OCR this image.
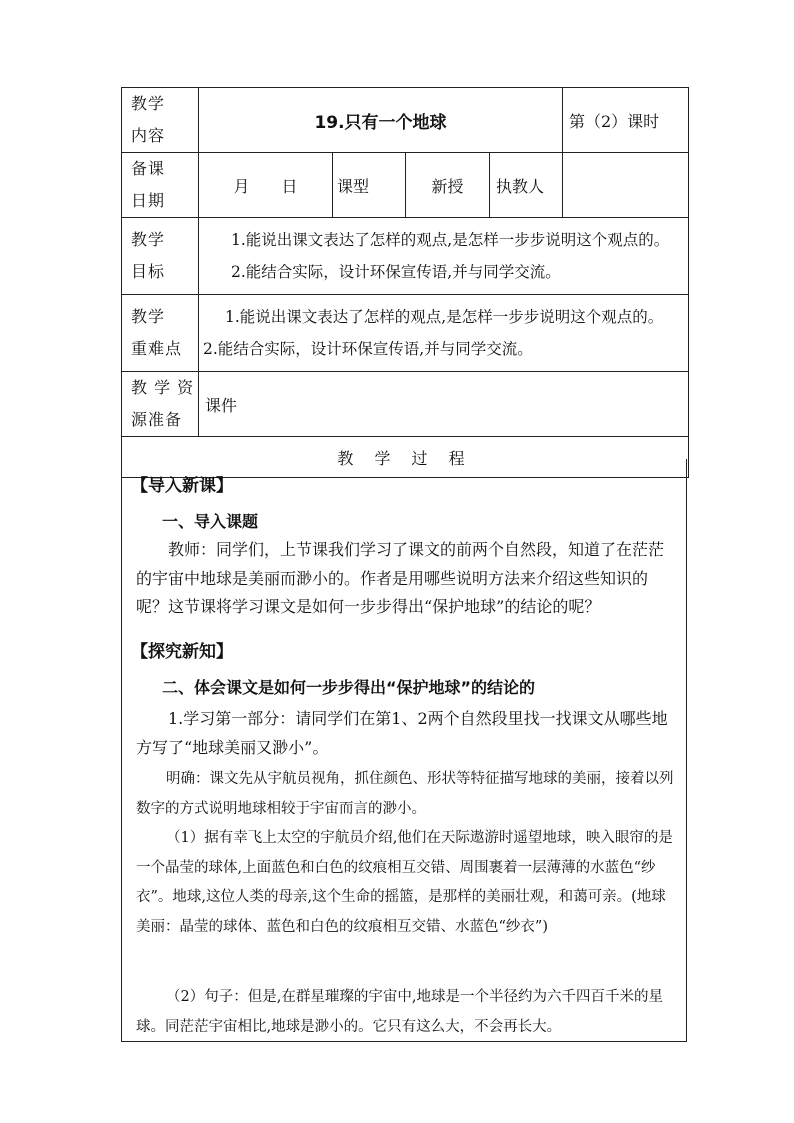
教学
内容	19.只有一个地球				第（2）课时

备课
日期	月　　日	课型	新授	执教人	

教学
目标	1.能说出课文表达了怎样的观点,是怎样一步步说明这个观点的。
2.能结合实际，设计环保宣传语,并与同学交流。				

教学
重难点	1.能说出课文表达了怎样的观点,是怎样一步步说明这个观点的。
2.能结合实际，设计环保宣传语,并与同学交流。				

教 学 资
源准备	课件				
教 学 过 程					
【导入新课】
一、导入课题
教师：同学们，上节课我们学习了课文的前两个自然段，知道了在茫茫的宇宙中地球是美丽而渺小的。作者是用哪些说明方法来介绍这些知识的呢？这节课将学习课文是如何一步步得出“保护地球”的结论的呢？
【探究新知】
二、体会课文是如何一步步得出“保护地球”的结论的
1.学习第一部分：请同学们在第1、2两个自然段里找一找课文从哪些地方写了“地球美丽又渺小”。
明确：课文先从宇航员视角，抓住颜色、形状等特征描写地球的美丽，接着以列数字的方式说明地球相较于宇宙而言的渺小。
（1）据有幸飞上太空的宇航员介绍,他们在天际遨游时遥望地球，映入眼帘的是一个晶莹的球体,上面蓝色和白色的纹痕相互交错、周围裹着一层薄薄的水蓝色“纱衣”。地球,这位人类的母亲,这个生命的摇篮，是那样的美丽壮观，和蔼可亲。(地球美丽：晶莹的球体、蓝色和白色的纹痕相互交错、水蓝色“纱衣”)
（2）句子：但是,在群星璀璨的宇宙中,地球是一个半径约为六千四百千米的星球。同茫茫宇宙相比,地球是渺小的。它只有这么大，不会再长大。
